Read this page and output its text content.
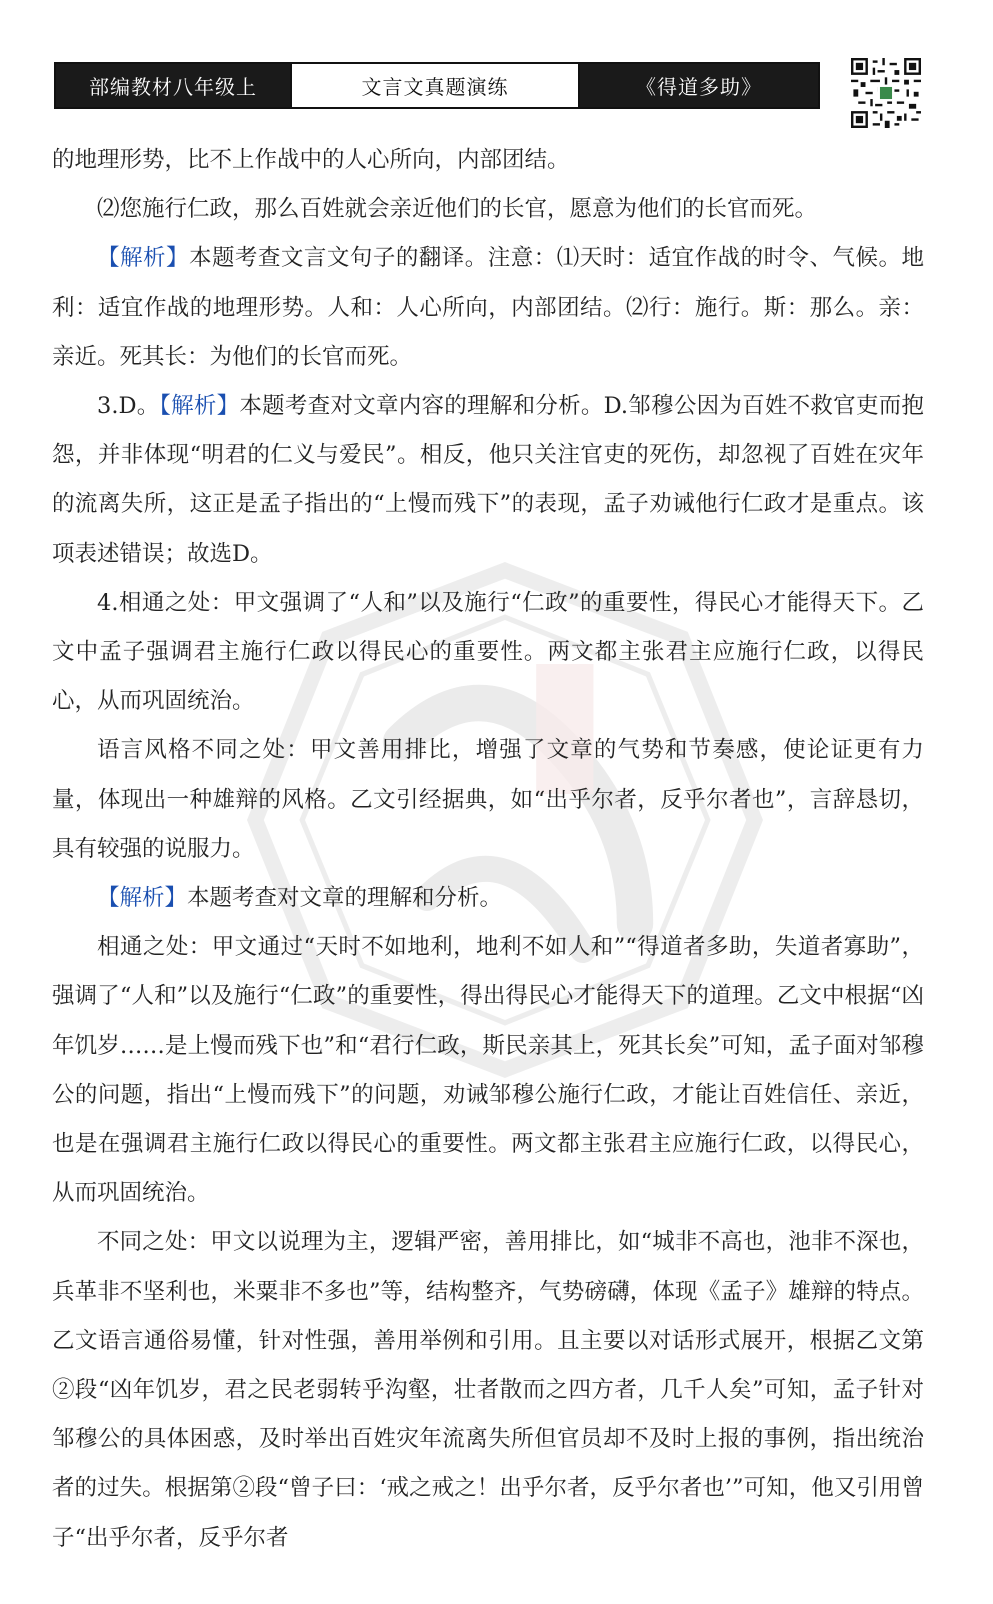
部编教材八年级上	文言文真题演练	《得道多助》

的地理形势，比不上作战中的人心所向，内部团结。

⑵您施行仁政，那么百姓就会亲近他们的长官，愿意为他们的长官而死。

【解析】本题考查文言文句子的翻译。注意：⑴天时：适宜作战的时令、气候。地利：适宜作战的地理形势。人和：人心所向，内部团结。⑵行：施行。斯：那么。亲：亲近。死其长：为他们的长官而死。

3.D。【解析】本题考查对文章内容的理解和分析。D.邹穆公因为百姓不救官吏而抱怨，并非体现“明君的仁义与爱民”。相反，他只关注官吏的死伤，却忽视了百姓在灾年的流离失所，这正是孟子指出的“上慢而残下”的表现，孟子劝诫他行仁政才是重点。该项表述错误；故选D。

4.相通之处：甲文强调了“人和”以及施行“仁政”的重要性，得民心才能得天下。乙文中孟子强调君主施行仁政以得民心的重要性。两文都主张君主应施行仁政，以得民心，从而巩固统治。

语言风格不同之处：甲文善用排比，增强了文章的气势和节奏感，使论证更有力量，体现出一种雄辩的风格。乙文引经据典，如“出乎尔者，反乎尔者也”，言辞恳切，具有较强的说服力。

【解析】本题考查对文章的理解和分析。

相通之处：甲文通过“天时不如地利，地利不如人和”“得道者多助，失道者寡助”，强调了“人和”以及施行“仁政”的重要性，得出得民心才能得天下的道理。乙文中根据“凶年饥岁……是上慢而残下也”和“君行仁政，斯民亲其上，死其长矣”可知，孟子面对邹穆公的问题，指出“上慢而残下”的问题，劝诫邹穆公施行仁政，才能让百姓信任、亲近，也是在强调君主施行仁政以得民心的重要性。两文都主张君主应施行仁政，以得民心，从而巩固统治。

不同之处：甲文以说理为主，逻辑严密，善用排比，如“城非不高也，池非不深也，兵革非不坚利也，米粟非不多也”等，结构整齐，气势磅礴，体现《孟子》雄辩的特点。乙文语言通俗易懂，针对性强，善用举例和引用。且主要以对话形式展开，根据乙文第②段“凶年饥岁，君之民老弱转乎沟壑，壮者散而之四方者，几千人矣”可知，孟子针对邹穆公的具体困惑，及时举出百姓灾年流离失所但官员却不及时上报的事例，指出统治者的过失。根据第②段“曾子曰：‘戒之戒之！出乎尔者，反乎尔者也’”可知，他又引用曾子“出乎尔者，反乎尔者
